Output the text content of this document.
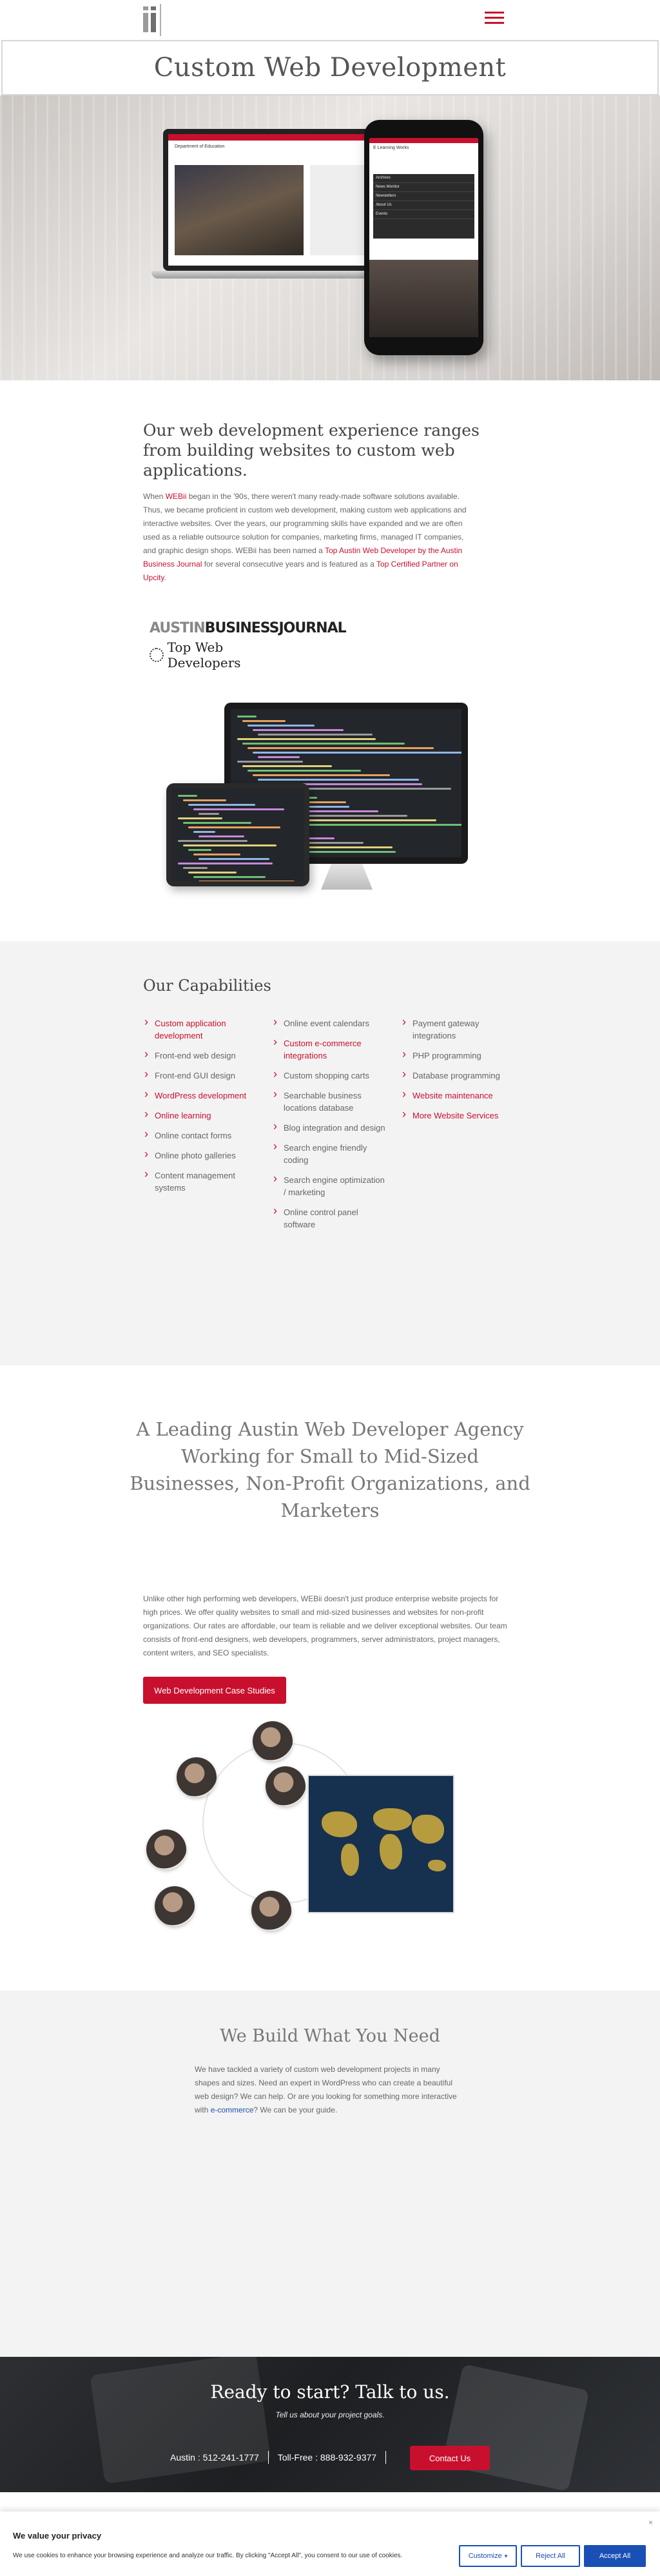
Custom Web Development
Department of Education	E Learning Works
Archives
News Monitor
Newsletters
About Us
Events
Our web development experience ranges from building websites to custom web applications.

When WEBii began in the '90s, there weren't many ready-made software solutions available. Thus, we became proficient in custom web development, making custom web applications and interactive websites. Over the years, our programming skills have expanded and we are often used as a reliable outsource solution for companies, marketing firms, managed IT companies, and graphic design shops. WEBii has been named a Top Austin Web Developer by the Austin Business Journal for several consecutive years and is featured as a Top Certified Partner on Upcity.

AUSTINBUSINESSJOURNAL
Top Web Developers
Our Capabilities
› Custom application development
› Front-end web design
› Front-end GUI design
› WordPress development
› Online learning
› Online contact forms
› Online photo galleries
› Content management systems
› Online event calendars
› Custom e-commerce integrations
› Custom shopping carts
› Searchable business locations database
› Blog integration and design
› Search engine friendly coding
› Search engine optimization / marketing
› Online control panel software
› Payment gateway integrations
› PHP programming
› Database programming
› Website maintenance
› More Website Services
A Leading Austin Web Developer Agency Working for Small to Mid-Sized Businesses, Non-Profit Organizations, and Marketers

Unlike other high performing web developers, WEBii doesn't just produce enterprise website projects for high prices. We offer quality websites to small and mid-sized businesses and websites for non-profit organizations. Our rates are affordable, our team is reliable and we deliver exceptional websites. Our team consists of front-end designers, web developers, programmers, server administrators, project managers, content writers, and SEO specialists.

Web Development Case Studies
We Build What You Need

We have tackled a variety of custom web development projects in many shapes and sizes. Need an expert in WordPress who can create a beautiful web design? We can help. Or are you looking for something more interactive with e-commerce? We can be your guide.

Ready to start? Talk to us.
Tell us about your project goals.
Austin : 512-241-1777 Toll-Free : 888-932-9377	Contact Us
×
We value your privacy

We use cookies to enhance your browsing experience and analyze our traffic. By clicking "Accept All", you consent to our use of cookies.	Customize ▾	Reject All	Accept All
